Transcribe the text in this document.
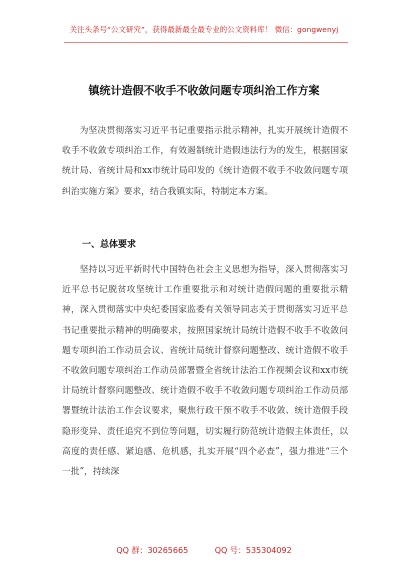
关注头条号“公文研究”，获得最新最全最专业的公文资料库！ 微信：gongwenyj
镇统计造假不收手不收敛问题专项纠治工作方案

为坚决贯彻落实习近平书记重要指示批示精神，扎实开展统计造假不收手不收敛专项纠治工作，有效遏制统计造假违法行为的发生，根据国家统计局、省统计局和xx市统计局印发的《统计造假不收手不收敛问题专项纠治实施方案》要求，结合我镇实际，特制定本方案。

一、总体要求

坚持以习近平新时代中国特色社会主义思想为指导，深入贯彻落实习近平总书记脱贫攻坚统计工作重要批示和对统计造假问题的重要批示精神，深入贯彻落实中央纪委国家监委有关领导同志关于贯彻落实习近平总书记重要批示精神的明确要求，按照国家统计局统计造假不收手不收敛问题专项纠治工作动员会议、省统计局统计督察问题整改、统计造假不收手不收敛问题专项纠治工作动员部署暨全省统计法治工作视频会议和xx市统计局统计督察问题整改、统计造假不收手不收敛问题专项纠治工作动员部署暨统计法治工作会议要求，聚焦行政干预不收手不收敛、统计造假手段隐形变异、责任追究不到位等问题，切实履行防范统计造假主体责任，以高度的责任感、紧迫感、危机感，扎实开展“四个必查”，强力推进“三个一批”，持续深

QQ 群：30265665	QQ 号：535304092
